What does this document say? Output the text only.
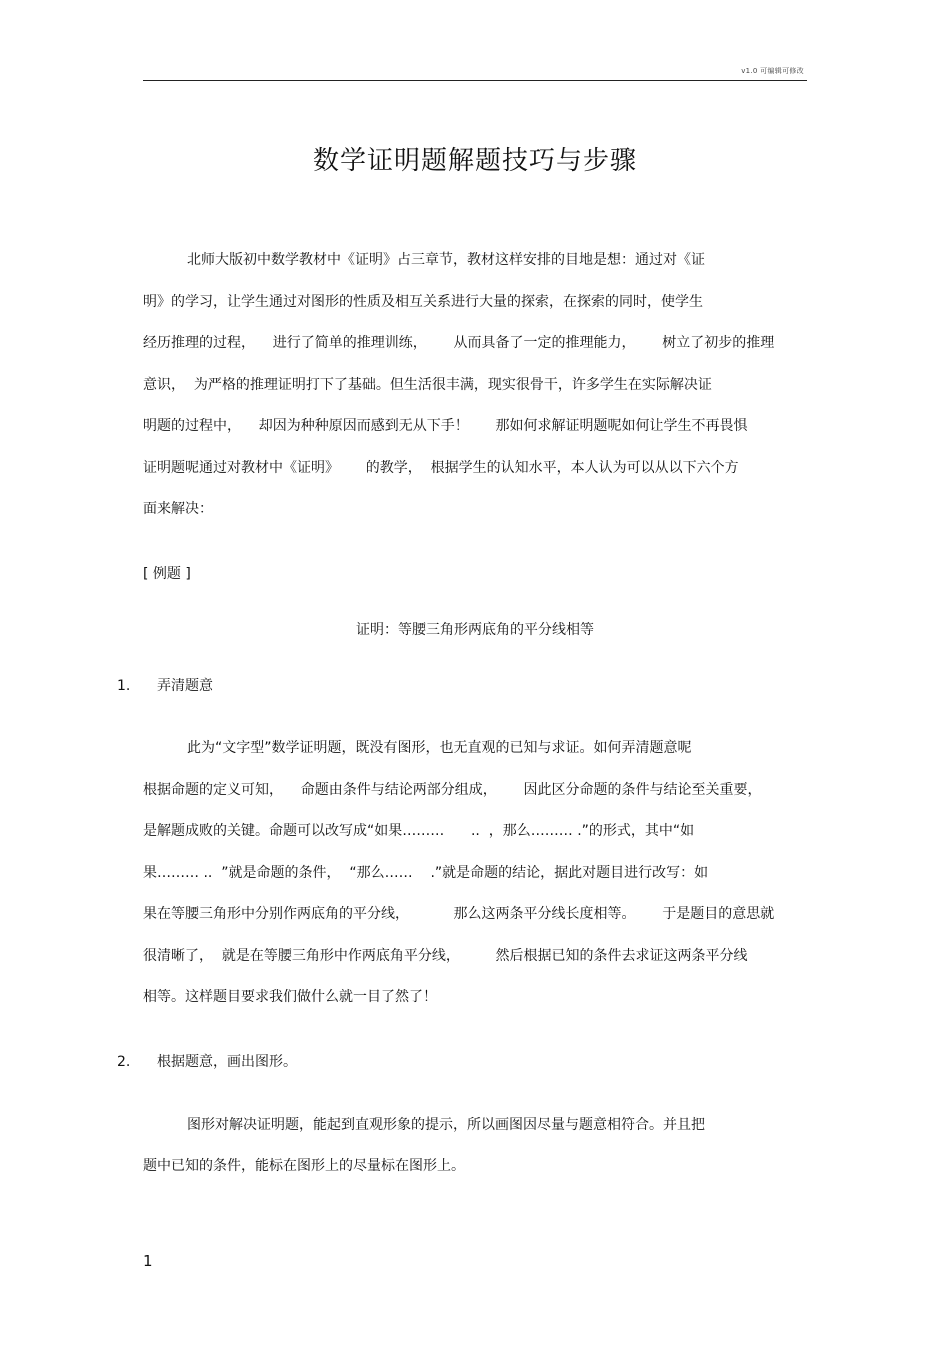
v1.0 可编辑可修改
数学证明题解题技巧与步骤
北师大版初中数学教材中《证明》占三章节，教材这样安排的目地是想：通过对《证
明》的学习，让学生通过对图形的性质及相互关系进行大量的探索，在探索的同时，使学生
经历推理的过程，    进行了简单的推理训练，      从而具备了一定的推理能力，      树立了初步的推理
意识，  为严格的推理证明打下了基础。但生活很丰满，现实很骨干，许多学生在实际解决证
明题的过程中，    却因为种种原因而感到无从下手！      那如何求解证明题呢如何让学生不再畏惧
证明题呢通过对教材中《证明》      的教学，  根据学生的认知水平，本人认为可以从以下六个方
面来解决：
[ 例题 ]
证明：等腰三角形两底角的平分线相等
1. 弄清题意
此为“文字型”数学证明题，既没有图形，也无直观的已知与求证。如何弄清题意呢
根据命题的定义可知，    命题由条件与结论两部分组成，      因此区分命题的条件与结论至关重要，
是解题成败的关键。命题可以改写成“如果………      ..  ，那么……… .”的形式，其中“如
果……… ..  ”就是命题的条件，  “那么……    .”就是命题的结论，据此对题目进行改写：如
果在等腰三角形中分别作两底角的平分线，          那么这两条平分线长度相等。      于是题目的意思就
很清晰了，  就是在等腰三角形中作两底角平分线，        然后根据已知的条件去求证这两条平分线
相等。这样题目要求我们做什么就一目了然了！
2. 根据题意，画出图形。
图形对解决证明题，能起到直观形象的提示，所以画图因尽量与题意相符合。并且把
题中已知的条件，能标在图形上的尽量标在图形上。
1
